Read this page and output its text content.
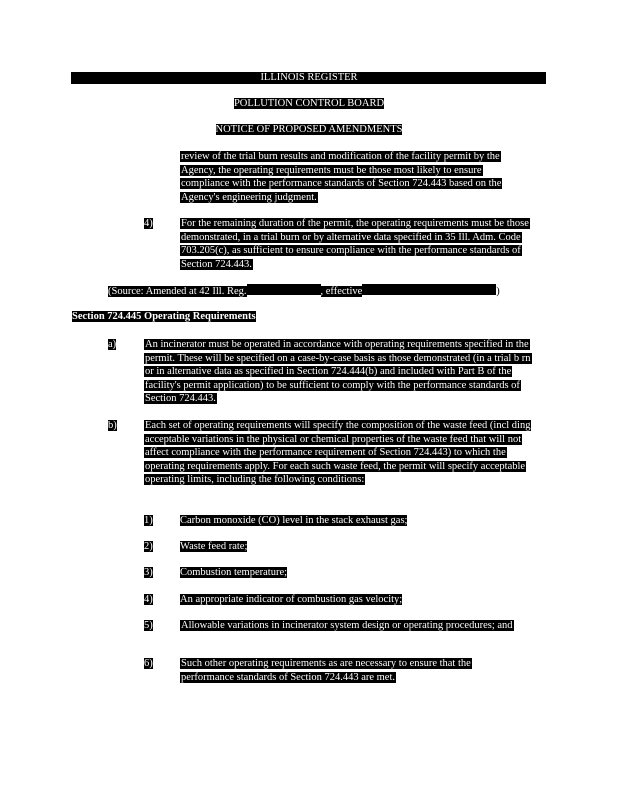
ILLINOIS REGISTER
POLLUTION CONTROL BOARD
NOTICE OF PROPOSED AMENDMENTS
review of the trial burn results and modification of the facility permit by the Agency, the operating requirements must be those most likely to ensure compliance with the performance standards of Section 724.443 based on the Agency's engineering judgment.
4)	For the remaining duration of the permit, the operating requirements must be those demonstrated, in a trial burn or by alternative data specified in 35 Ill. Adm. Code 703.205(c), as sufficient to ensure compliance with the performance standards of Section 724.443.
(Source: Amended at 42 Ill. Reg.	, effective	)
Section 724.445 Operating Requirements
a)	An incinerator must be operated in accordance with operating requirements specified in the permit. These will be specified on a case-by-case basis as those demonstrated (in a trial b rn or in alternative data as specified in Section 724.444(b) and included with Part B of the facility's permit application) to be sufficient to comply with the performance standards of Section 724.443.
b)	Each set of operating requirements will specify the composition of the waste feed (incl ding acceptable variations in the physical or chemical properties of the waste feed that will not affect compliance with the performance requirement of Section 724.443) to which the operating requirements apply. For each such waste feed, the permit will specify acceptable operating limits, including the following conditions:
1)	Carbon monoxide (CO) level in the stack exhaust gas;
2)	Waste feed rate;
3)	Combustion temperature;
4)	An appropriate indicator of combustion gas velocity;
5)	Allowable variations in incinerator system design or operating procedures; and
6)	Such other operating requirements as are necessary to ensure that the performance standards of Section 724.443 are met.
